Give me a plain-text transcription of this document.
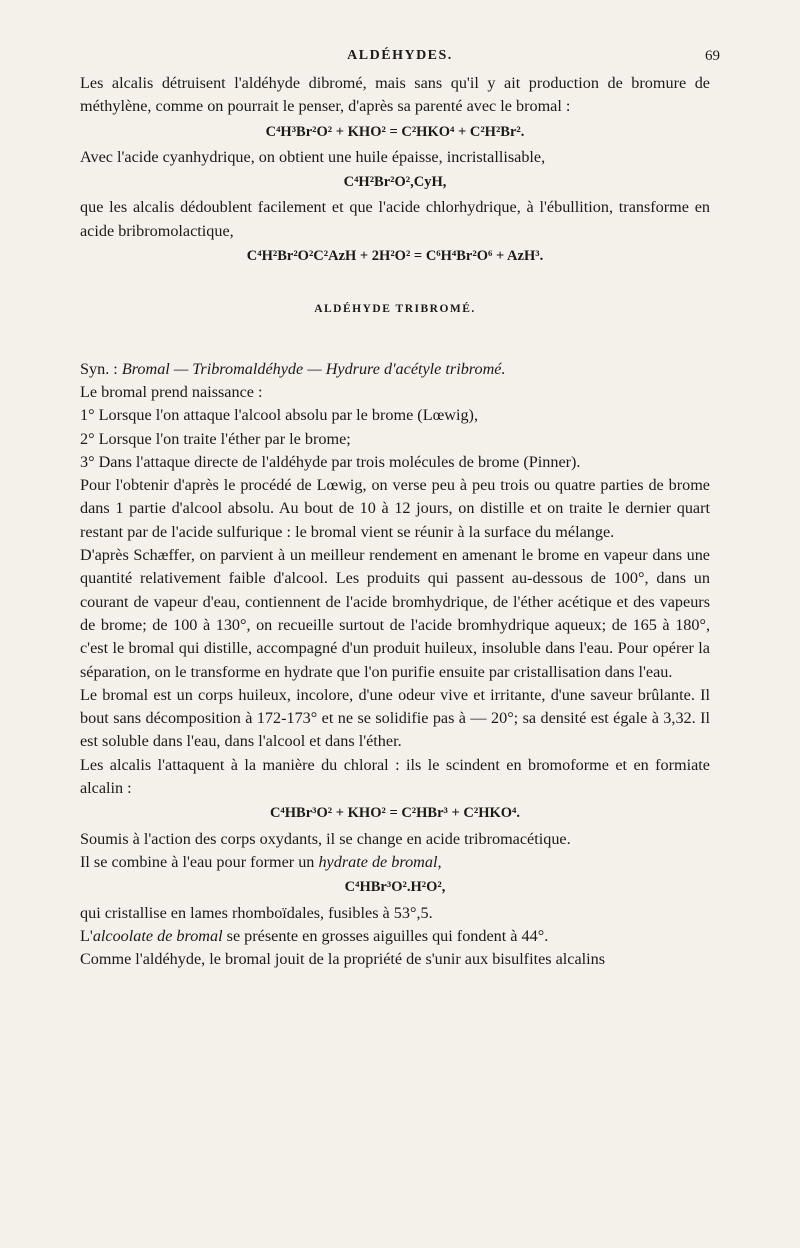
ALDÉHYDES.	69

Les alcalis détruisent l'aldéhyde dibromé, mais sans qu'il y ait production de bromure de méthylène, comme on pourrait le penser, d'après sa parenté avec le bromal :

C⁴H³Br²O² + KHO² = C²HKO⁴ + C²H²Br².

Avec l'acide cyanhydrique, on obtient une huile épaisse, incristallisable,

C⁴H²Br²O²,CyH,

que les alcalis dédoublent facilement et que l'acide chlorhydrique, à l'ébullition, transforme en acide bribromolactique,

C⁴H²Br²O²C²AzH + 2H²O² = C⁶H⁴Br²O⁶ + AzH³.
ALDÉHYDE TRIBROMÉ.

Syn. : Bromal — Tribromaldéhyde — Hydrure d'acétyle tribromé.

Le bromal prend naissance :

1° Lorsque l'on attaque l'alcool absolu par le brome (Lœwig),

2° Lorsque l'on traite l'éther par le brome;

3° Dans l'attaque directe de l'aldéhyde par trois molécules de brome (Pinner).

Pour l'obtenir d'après le procédé de Lœwig, on verse peu à peu trois ou quatre parties de brome dans 1 partie d'alcool absolu. Au bout de 10 à 12 jours, on distille et on traite le dernier quart restant par de l'acide sulfurique : le bromal vient se réunir à la surface du mélange.

D'après Schæffer, on parvient à un meilleur rendement en amenant le brome en vapeur dans une quantité relativement faible d'alcool. Les produits qui passent au-dessous de 100°, dans un courant de vapeur d'eau, contiennent de l'acide bromhydrique, de l'éther acétique et des vapeurs de brome; de 100 à 130°, on recueille surtout de l'acide bromhydrique aqueux; de 165 à 180°, c'est le bromal qui distille, accompagné d'un produit huileux, insoluble dans l'eau. Pour opérer la séparation, on le transforme en hydrate que l'on purifie ensuite par cristallisation dans l'eau.

Le bromal est un corps huileux, incolore, d'une odeur vive et irritante, d'une saveur brûlante. Il bout sans décomposition à 172-173° et ne se solidifie pas à — 20°; sa densité est égale à 3,32. Il est soluble dans l'eau, dans l'alcool et dans l'éther.

Les alcalis l'attaquent à la manière du chloral : ils le scindent en bromoforme et en formiate alcalin :

C⁴HBr³O² + KHO² = C²HBr³ + C²HKO⁴.

Soumis à l'action des corps oxydants, il se change en acide tribromacétique.

Il se combine à l'eau pour former un hydrate de bromal,

C⁴HBr³O².H²O²,

qui cristallise en lames rhomboïdales, fusibles à 53°,5.

L'alcoolate de bromal se présente en grosses aiguilles qui fondent à 44°.

Comme l'aldéhyde, le bromal jouit de la propriété de s'unir aux bisulfites alcalins
